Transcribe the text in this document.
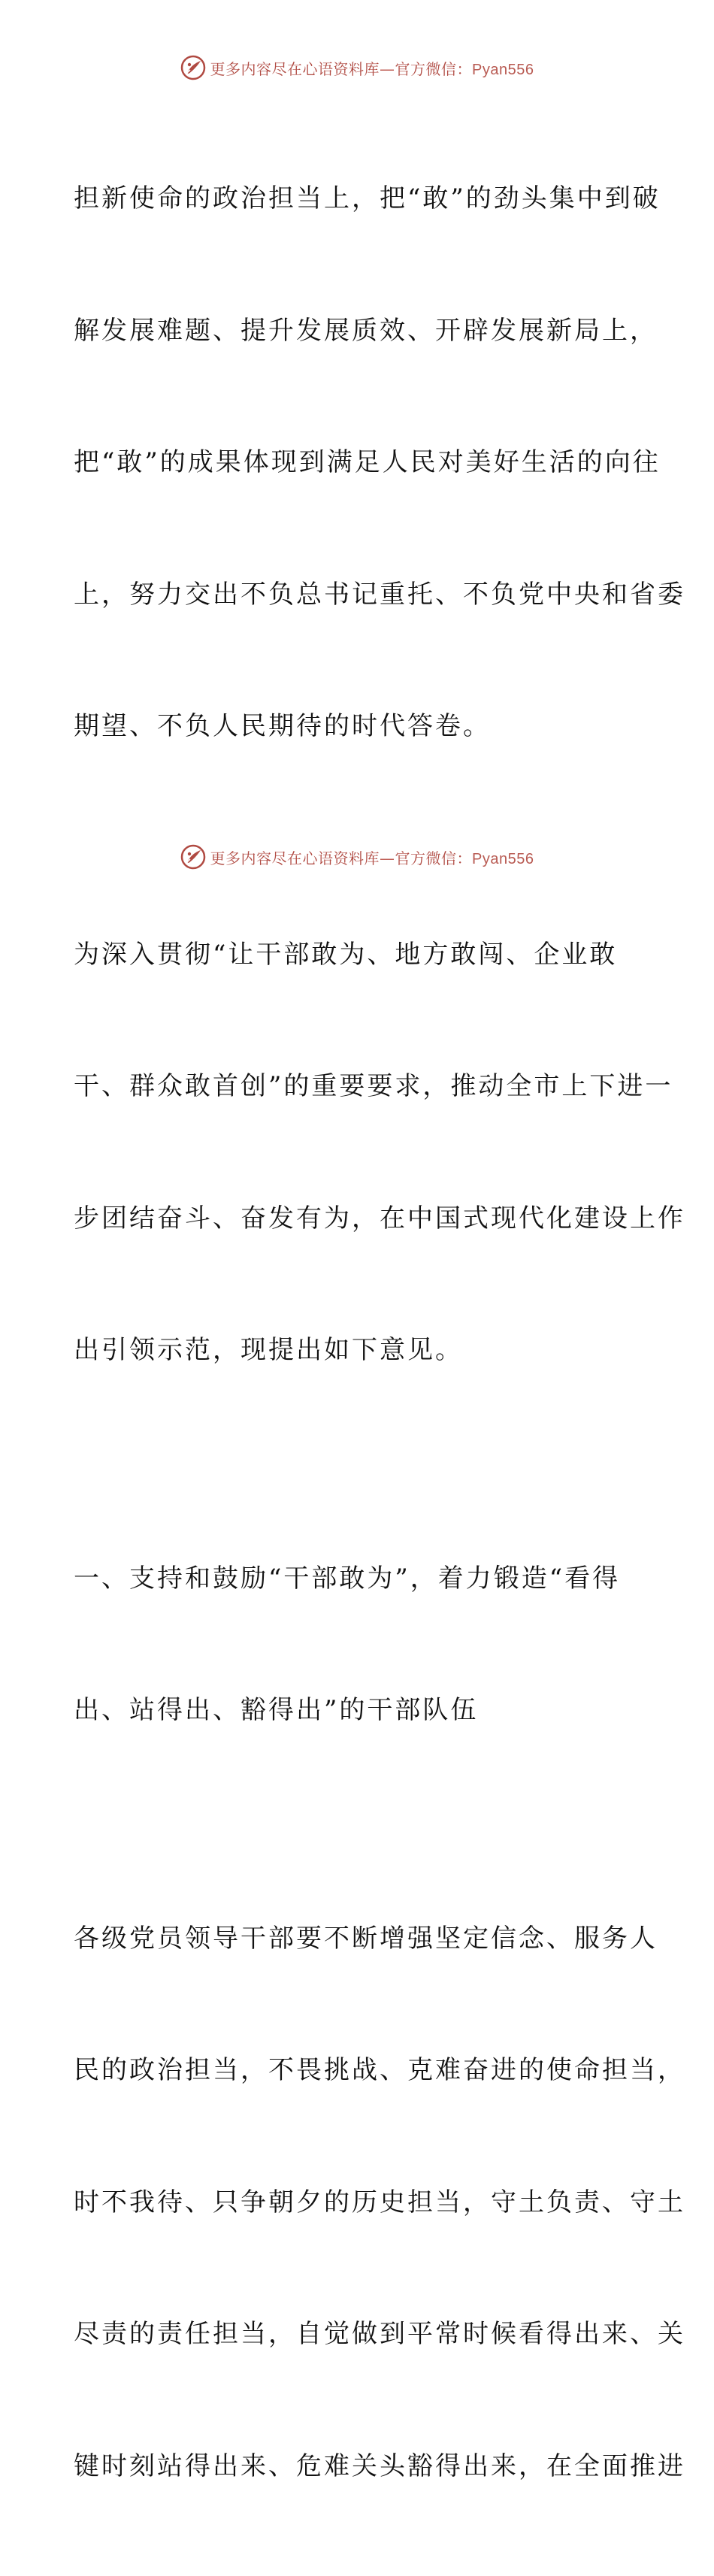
更多内容尽在心语资料库—官方微信：Pyan556

担新使命的政治担当上，把“敢”的劲头集中到破

解发展难题、提升发展质效、开辟发展新局上，

把“敢”的成果体现到满足人民对美好生活的向往

上，努力交出不负总书记重托、不负党中央和省委

期望、不负人民期待的时代答卷。

为深入贯彻“让干部敢为、地方敢闯、企业敢

干、群众敢首创”的重要要求，推动全市上下进一

步团结奋斗、奋发有为，在中国式现代化建设上作

出引领示范，现提出如下意见。

一、支持和鼓励“干部敢为”，着力锻造“看得

出、站得出、豁得出”的干部队伍

各级党员领导干部要不断增强坚定信念、服务人

民的政治担当，不畏挑战、克难奋进的使命担当，

时不我待、只争朝夕的历史担当，守土负责、守土

尽责的责任担当，自觉做到平常时候看得出来、关

键时刻站得出来、危难关头豁得出来，在全面推进

更多内容尽在心语资料库—官方微信：Pyan556
